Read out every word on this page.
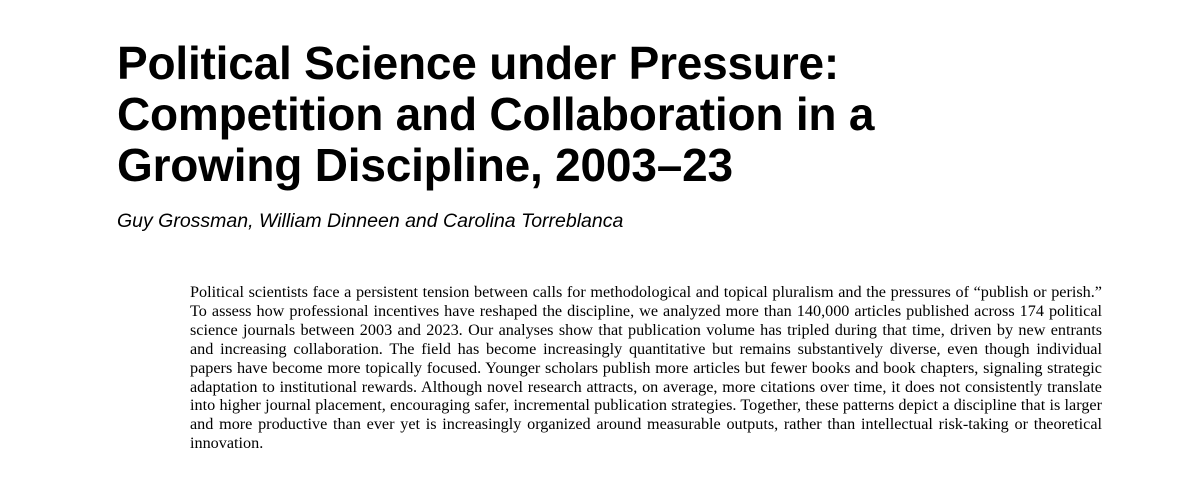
Political Science under Pressure:
Competition and Collaboration in a
Growing Discipline, 2003–23

Guy Grossman, William Dinneen and Carolina Torreblanca

Political scientists face a persistent tension between calls for methodological and topical pluralism and the pressures of “publish or perish.” To assess how professional incentives have reshaped the discipline, we analyzed more than 140,000 articles published across 174 political science journals between 2003 and 2023. Our analyses show that publication volume has tripled during that time, driven by new entrants and increasing collaboration. The field has become increasingly quantitative but remains substantively diverse, even though individual papers have become more topically focused. Younger scholars publish more articles but fewer books and book chapters, signaling strategic adaptation to institutional rewards. Although novel research attracts, on average, more citations over time, it does not consistently translate into higher journal placement, encouraging safer, incremental publication strategies. Together, these patterns depict a discipline that is larger and more productive than ever yet is increasingly organized around measurable outputs, rather than intellectual risk-taking or theoretical innovation.
